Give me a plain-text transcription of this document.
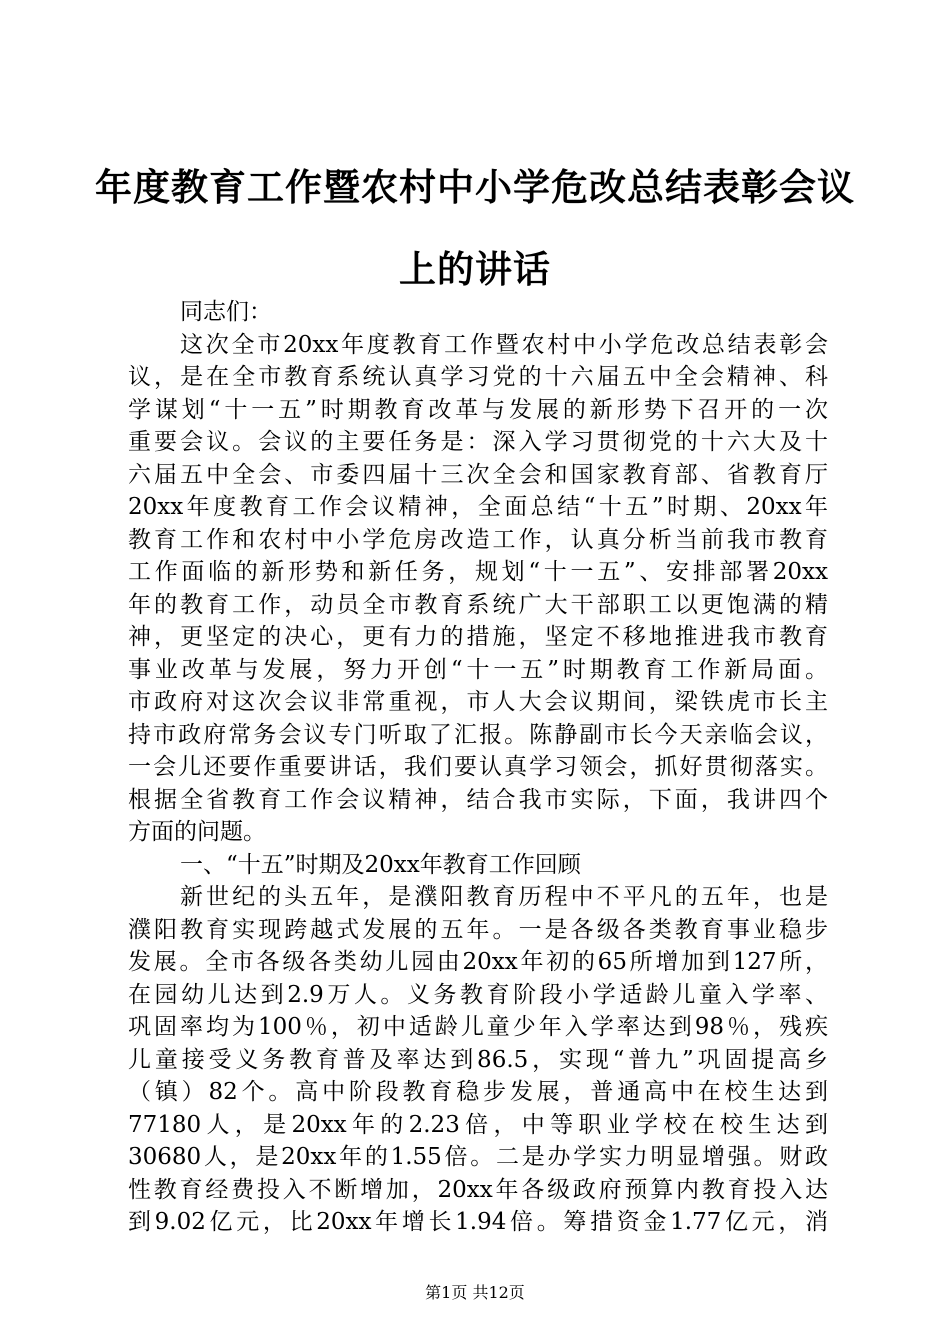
年度教育工作暨农村中小学危改总结表彰会议
上的讲话
同志们：
这次全市20xx年度教育工作暨农村中小学危改总结表彰会
议，是在全市教育系统认真学习党的十六届五中全会精神、科
学谋划“十一五”时期教育改革与发展的新形势下召开的一次
重要会议。会议的主要任务是：深入学习贯彻党的十六大及十
六届五中全会、市委四届十三次全会和国家教育部、省教育厅
20xx年度教育工作会议精神，全面总结“十五”时期、20xx年
教育工作和农村中小学危房改造工作，认真分析当前我市教育
工作面临的新形势和新任务，规划“十一五”、安排部署20xx
年的教育工作，动员全市教育系统广大干部职工以更饱满的精
神，更坚定的决心，更有力的措施，坚定不移地推进我市教育
事业改革与发展，努力开创“十一五”时期教育工作新局面。
市政府对这次会议非常重视，市人大会议期间，梁铁虎市长主
持市政府常务会议专门听取了汇报。陈静副市长今天亲临会议，
一会儿还要作重要讲话，我们要认真学习领会，抓好贯彻落实。
根据全省教育工作会议精神，结合我市实际，下面，我讲四个
方面的问题。
一、“十五”时期及20xx年教育工作回顾
新世纪的头五年，是濮阳教育历程中不平凡的五年，也是
濮阳教育实现跨越式发展的五年。一是各级各类教育事业稳步
发展。全市各级各类幼儿园由20xx年初的65所增加到127所，
在园幼儿达到2.9万人。义务教育阶段小学适龄儿童入学率、
巩固率均为100％，初中适龄儿童少年入学率达到98％，残疾
儿童接受义务教育普及率达到86.5，实现“普九”巩固提高乡
（镇）82个。高中阶段教育稳步发展，普通高中在校生达到
77180人，是20xx年的2.23倍，中等职业学校在校生达到
30680人，是20xx年的1.55倍。二是办学实力明显增强。财政
性教育经费投入不断增加，20xx年各级政府预算内教育投入达
到9.02亿元，比20xx年增长1.94倍。筹措资金1.77亿元，消
第1页 共12页
